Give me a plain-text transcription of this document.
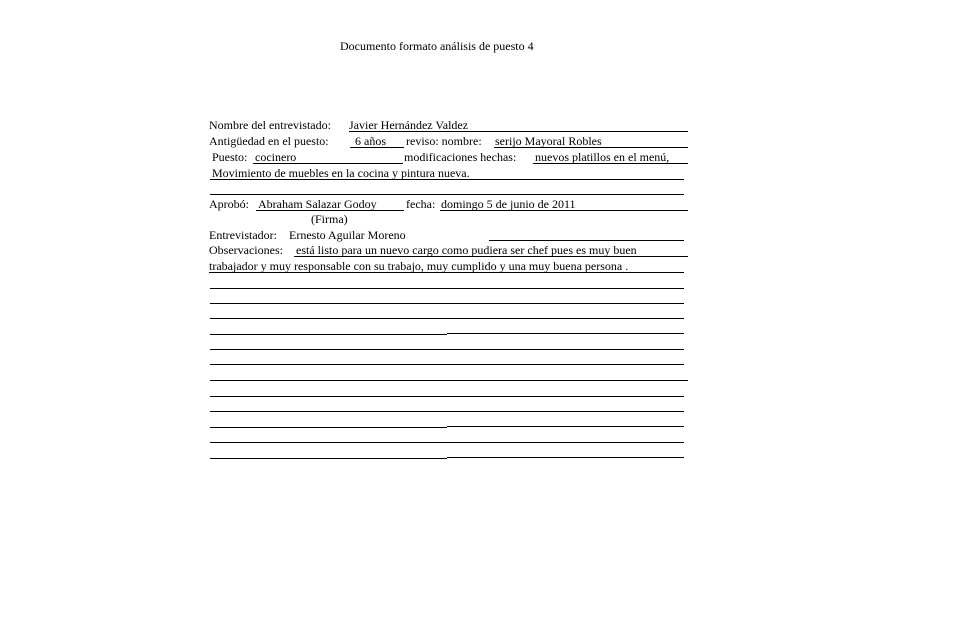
Documento formato análisis de puesto 4
Nombre del entrevistado: Javier Hernández Valdez
Antigüedad en el puesto: 6 años reviso: nombre: serijo Mayoral Robles
Puesto: cocinero	modificaciones hechas: nuevos platillos en el menú,
Movimiento de muebles en la cocina y pintura nueva.
Aprobó: Abraham Salazar Godoy fecha: domingo 5 de junio de 2011
(Firma)
Entrevistador: Ernesto Aguilar Moreno
Observaciones: está listo para un nuevo cargo como pudiera ser chef pues es muy buen
trabajador y muy responsable con su trabajo, muy cumplido y una muy buena persona .
